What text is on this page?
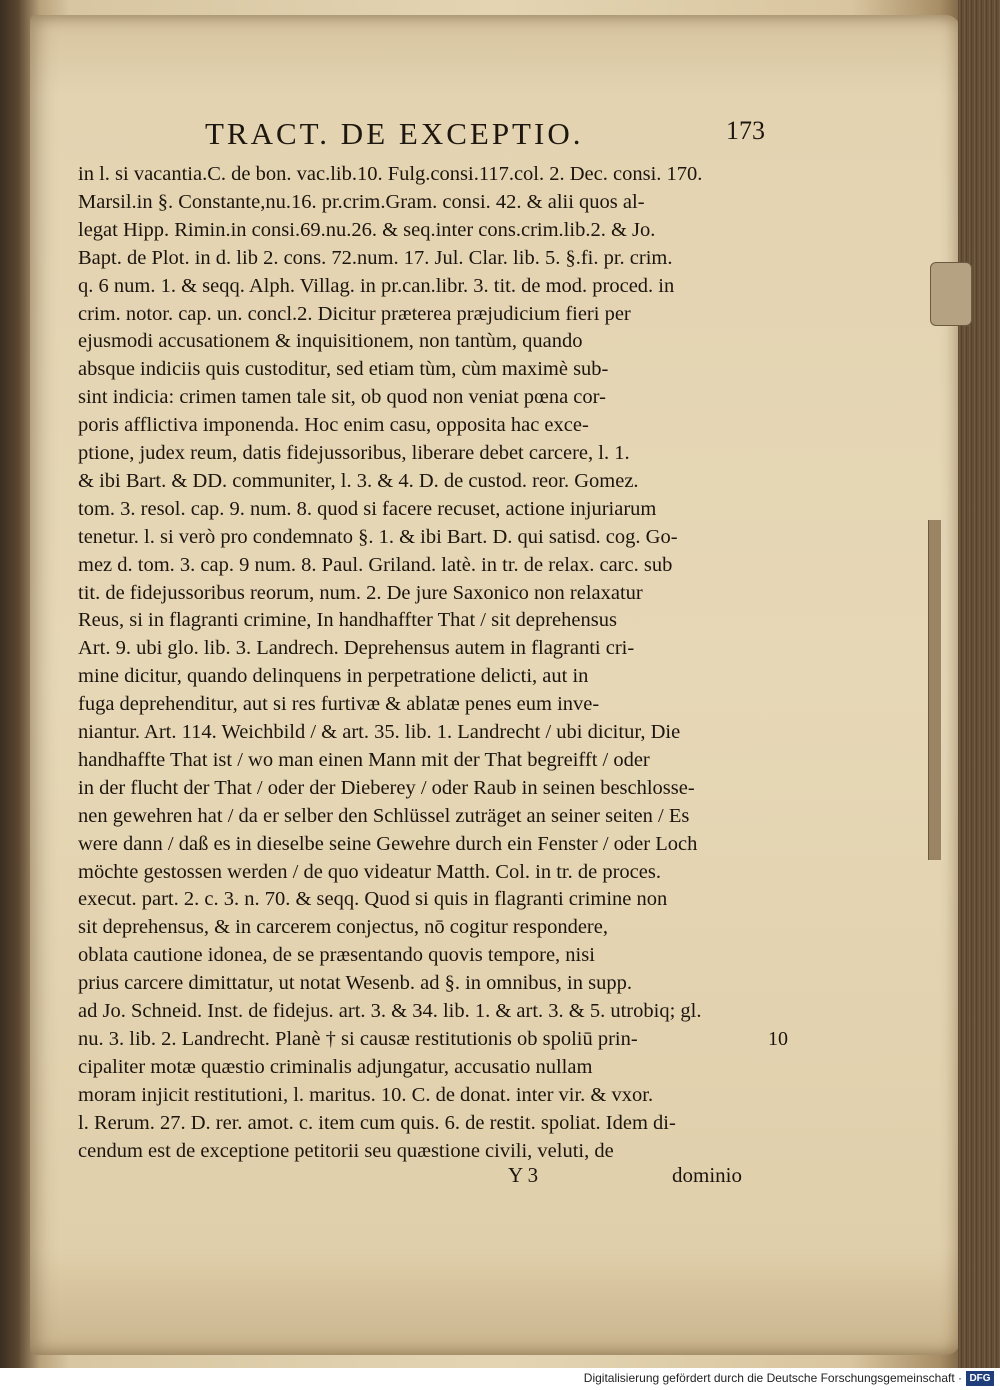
TRACT. DE EXCEPTIO.	173
in l. si vacantia.C. de bon. vac.lib.10. Fulg.consi.117.col. 2. Dec. consi. 170.
Marsil.in §. Constante,nu.16. pr.crim.Gram. consi. 42. & alii quos al-
legat Hipp. Rimin.in consi.69.nu.26. & seq.inter cons.crim.lib.2. & Jo.
Bapt. de Plot. in d. lib 2. cons. 72.num. 17. Jul. Clar. lib. 5. §.fi. pr. crim.
q. 6 num. 1. & seqq. Alph. Villag. in pr.can.libr. 3. tit. de mod. proced. in
crim. notor. cap. un. concl.2. Dicitur præterea præjudicium fieri per
ejusmodi accusationem & inquisitionem, non tantùm, quando
absque indiciis quis custoditur, sed etiam tùm, cùm maximè sub-
sint indicia: crimen tamen tale sit, ob quod non veniat pœna cor-
poris afflictiva imponenda. Hoc enim casu, opposita hac excе-
ptione, judex reum, datis fidejussoribus, liberare debet carcere, l. 1.
& ibi Bart. & DD. communiter, l. 3. & 4. D. de custod. reor. Gomez.
tom. 3. resol. cap. 9. num. 8. quod si facere recuset, actione injuriarum
tenetur. l. si verò pro condemnato §. 1. & ibi Bart. D. qui satisd. cog. Go-
mez d. tom. 3. cap. 9 num. 8. Paul. Griland. latè. in tr. de relax. carc. sub
tit. de fidejussoribus reorum, num. 2. De jure Saxonico non relaxatur
Reus, si in flagranti crimine, In handhaffter That / sit deprehensus
Art. 9. ubi glo. lib. 3. Landrech. Deprehensus autem in flagranti cri-
mine dicitur, quando delinquens in perpetratione delicti, aut in
fuga deprehenditur, aut si res furtivæ & ablatæ penes eum inve-
niantur. Art. 114. Weichbild / & art. 35. lib. 1. Landrecht / ubi dicitur, Die
handhaffte That ist / wo man einen Mann mit der That begreifft / oder
in der flucht der That / oder der Dieberey / oder Raub in seinen beschlosse-
nen gewehren hat / da er selber den Schlüssel zuträget an seiner seiten / Es
were dann / daß es in dieselbe seine Gewehre durch ein Fenster / oder Loch
möchte gestossen werden / de quo videatur Matth. Col. in tr. de proces.
execut. part. 2. c. 3. n. 70. & seqq. Quod si quis in flagranti crimine non
sit deprehensus, & in carcerem conjectus, nō cogitur respondere,
oblata cautione idonea, de se præsentando quovis tempore, nisi
prius carcere dimittatur, ut notat Wesenb. ad §. in omnibus, in supp.
ad Jo. Schneid. Inst. de fidejus. art. 3. & 34. lib. 1. & art. 3. & 5. utrobiq; gl.
nu. 3. lib. 2. Landrecht. Planè † si causæ restitutionis ob spoliū prin-
cipaliter motæ quæstio criminalis adjungatur, accusatio nullam
moram injicit restitutioni, l. maritus. 10. C. de donat. inter vir. & vxor.
l. Rerum. 27. D. rer. amot. c. item cum quis. 6. de restit. spoliat. Idem di-
cendum est de exceptione petitorii seu quæstione civili, veluti, de
10
Y 3	dominio
Digitalisierung gefördert durch die Deutsche Forschungsgemeinschaft · DFG
